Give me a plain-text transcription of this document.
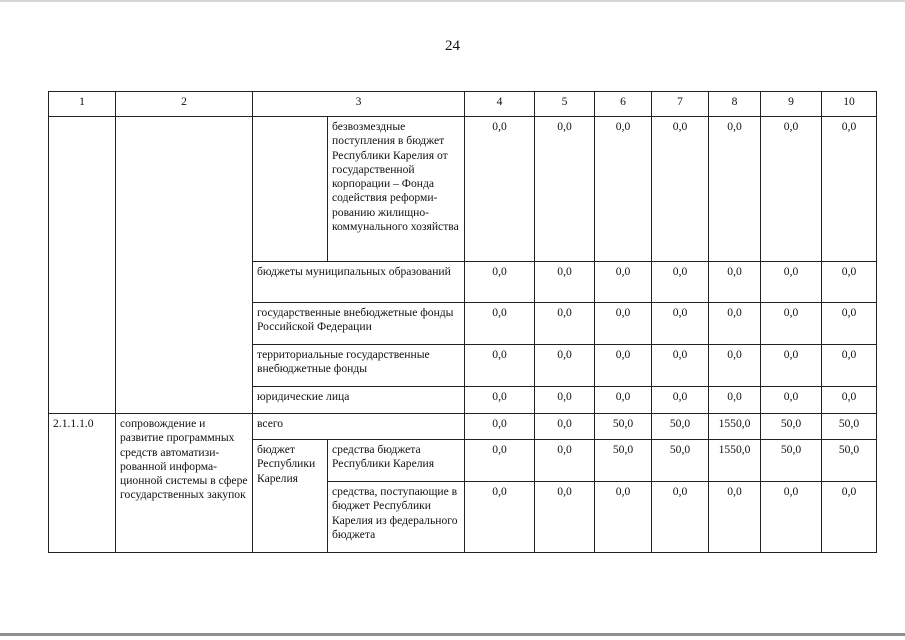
24
1	2	3		4	5	6	7	8	9	10
			безвозмездные поступления в бюджет Республики Карелия от государственной корпорации – Фонда содействия реформи-рованию жилищно-коммунального хозяйства	0,0	0,0	0,0	0,0	0,0	0,0	0,0
		бюджеты муниципальных образований		0,0	0,0	0,0	0,0	0,0	0,0	0,0
		государственные внебюджетные фонды Российской Федерации		0,0	0,0	0,0	0,0	0,0	0,0	0,0
		территориальные государственные внебюджетные фонды		0,0	0,0	0,0	0,0	0,0	0,0	0,0
		юридические лица		0,0	0,0	0,0	0,0	0,0	0,0	0,0
2.1.1.1.0	сопровождение и развитие программных средств автоматизи-рованной информа-ционной системы в сфере государственных закупок	всего		0,0	0,0	50,0	50,0	1550,0	50,0	50,0
		бюджет Республики Карелия	средства бюджета Республики Карелия	0,0	0,0	50,0	50,0	1550,0	50,0	50,0
			средства, поступающие в бюджет Республики Карелия из федерального бюджета	0,0	0,0	0,0	0,0	0,0	0,0	0,0
